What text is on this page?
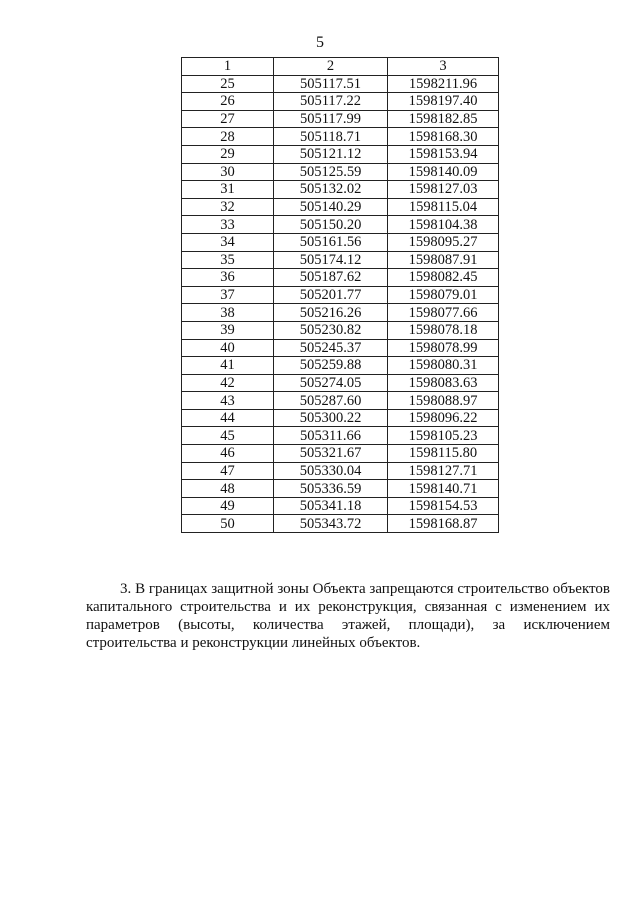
5
1	2	3
25	505117.51	1598211.96
26	505117.22	1598197.40
27	505117.99	1598182.85
28	505118.71	1598168.30
29	505121.12	1598153.94
30	505125.59	1598140.09
31	505132.02	1598127.03
32	505140.29	1598115.04
33	505150.20	1598104.38
34	505161.56	1598095.27
35	505174.12	1598087.91
36	505187.62	1598082.45
37	505201.77	1598079.01
38	505216.26	1598077.66
39	505230.82	1598078.18
40	505245.37	1598078.99
41	505259.88	1598080.31
42	505274.05	1598083.63
43	505287.60	1598088.97
44	505300.22	1598096.22
45	505311.66	1598105.23
46	505321.67	1598115.80
47	505330.04	1598127.71
48	505336.59	1598140.71
49	505341.18	1598154.53
50	505343.72	1598168.87

3. В границах защитной зоны Объекта запрещаются строительство объектов капитального строительства и их реконструкция, связанная с изменением их параметров (высоты, количества этажей, площади), за исключением строительства и реконструкции линейных объектов.
